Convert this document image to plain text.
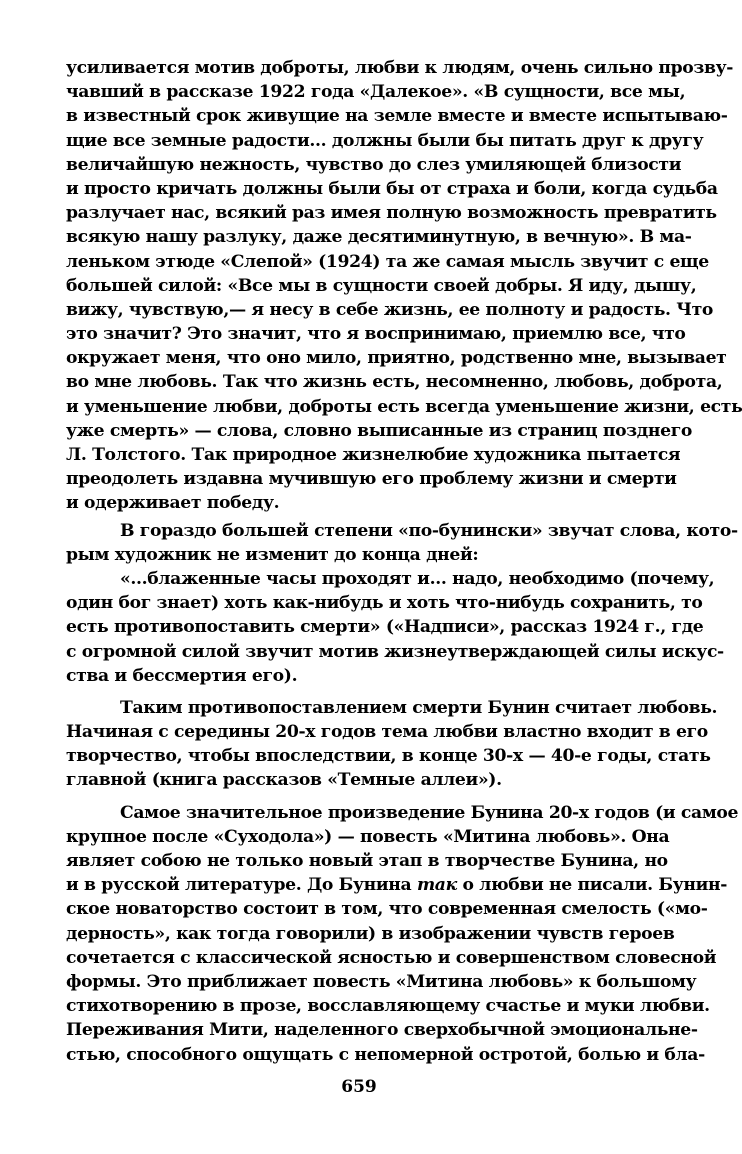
усиливается мотив доброты, любви к людям, очень сильно прозву-
чавший в рассказе 1922 года «Далекое». «В сущности, все мы,
в известный срок живущие на земле вместе и вместе испытываю-
щие все земные радости... должны были бы питать друг к другу
величайшую нежность, чувство до слез умиляющей близости
и просто кричать должны были бы от страха и боли, когда судьба
разлучает нас, всякий раз имея полную возможность превратить
всякую нашу разлуку, даже десятиминутную, в вечную». В ма-
леньком этюде «Слепой» (1924) та же самая мысль звучит с еще
большей силой: «Все мы в сущности своей добры. Я иду, дышу,
вижу, чувствую,— я несу в себе жизнь, ее полноту и радость. Что
это значит? Это значит, что я воспринимаю, приемлю все, что
окружает меня, что оно мило, приятно, родственно мне, вызывает
во мне любовь. Так что жизнь есть, несомненно, любовь, доброта,
и уменьшение любви, доброты есть всегда уменьшение жизни, есть
уже смерть» — слова, словно выписанные из страниц позднего
Л. Толстого. Так природное жизнелюбие художника пытается
преодолеть издавна мучившую его проблему жизни и смерти
и одерживает победу.
В гораздо большей степени «по-бунински» звучат слова, кото-
рым художник не изменит до конца дней:
«...блаженные часы проходят и... надо, необходимо (почему,
один бог знает) хоть как-нибудь и хоть что-нибудь сохранить, то
есть противопоставить смерти» («Надписи», рассказ 1924 г., где
с огромной силой звучит мотив жизнеутверждающей силы искус-
ства и бессмертия его).
Таким противопоставлением смерти Бунин считает любовь.
Начиная с середины 20-х годов тема любви властно входит в его
творчество, чтобы впоследствии, в конце 30-х — 40-е годы, стать
главной (книга рассказов «Темные аллеи»).
Самое значительное произведение Бунина 20-х годов (и самое
крупное после «Суходола») — повесть «Митина любовь». Она
являет собою не только новый этап в творчестве Бунина, но
и в русской литературе. До Бунина так о любви не писали. Бунин-
ское новаторство состоит в том, что современная смелость («мо-
дерность», как тогда говорили) в изображении чувств героев
сочетается с классической ясностью и совершенством словесной
формы. Это приближает повесть «Митина любовь» к большому
стихотворению в прозе, восславляющему счастье и муки любви.
Переживания Мити, наделенного сверхобычной эмоциональне-
стью, способного ощущать с непомерной остротой, болью и бла-
659
